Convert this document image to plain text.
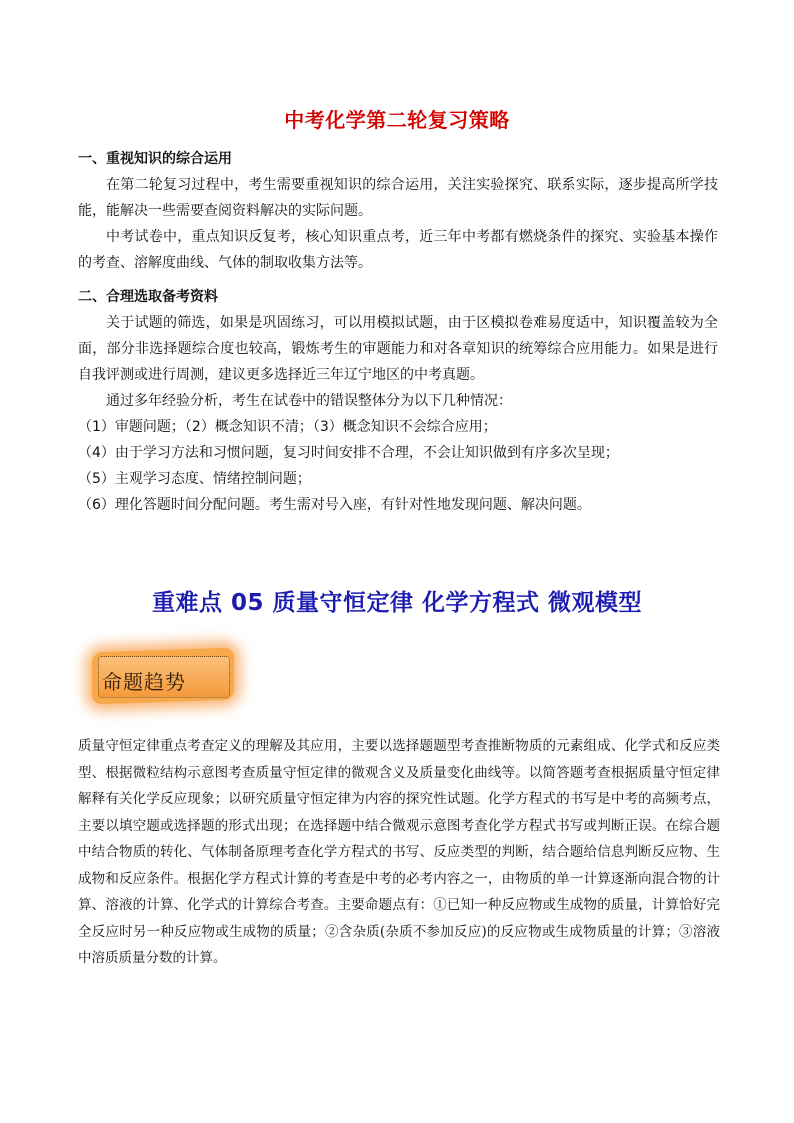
中考化学第二轮复习策略
一、重视知识的综合运用
在第二轮复习过程中，考生需要重视知识的综合运用，关注实验探究、联系实际，逐步提高所学技能，能解决一些需要查阅资料解决的实际问题。
中考试卷中，重点知识反复考，核心知识重点考，近三年中考都有燃烧条件的探究、实验基本操作的考查、溶解度曲线、气体的制取收集方法等。
二、合理选取备考资料
关于试题的筛选，如果是巩固练习，可以用模拟试题，由于区模拟卷难易度适中，知识覆盖较为全面，部分非选择题综合度也较高，锻炼考生的审题能力和对各章知识的统筹综合应用能力。如果是进行自我评测或进行周测，建议更多选择近三年辽宁地区的中考真题。
通过多年经验分析，考生在试卷中的错误整体分为以下几种情况：
（1）审题问题；（2）概念知识不清；（3）概念知识不会综合应用；
（4）由于学习方法和习惯问题，复习时间安排不合理，不会让知识做到有序多次呈现；
（5）主观学习态度、情绪控制问题；
（6）理化答题时间分配问题。考生需对号入座，有针对性地发现问题、解决问题。
重难点 05 质量守恒定律 化学方程式 微观模型
命题趋势
质量守恒定律重点考查定义的理解及其应用，主要以选择题题型考查推断物质的元素组成、化学式和反应类型、根据微粒结构示意图考查质量守恒定律的微观含义及质量变化曲线等。以简答题考查根据质量守恒定律解释有关化学反应现象；以研究质量守恒定律为内容的探究性试题。化学方程式的书写是中考的高频考点，主要以填空题或选择题的形式出现；在选择题中结合微观示意图考查化学方程式书写或判断正误。在综合题中结合物质的转化、气体制备原理考查化学方程式的书写、反应类型的判断，结合题给信息判断反应物、生成物和反应条件。根据化学方程式计算的考查是中考的必考内容之一，由物质的单一计算逐渐向混合物的计算、溶液的计算、化学式的计算综合考查。主要命题点有：①已知一种反应物或生成物的质量，计算恰好完全反应时另一种反应物或生成物的质量；②含杂质(杂质不参加反应)的反应物或生成物质量的计算；③溶液中溶质质量分数的计算。
